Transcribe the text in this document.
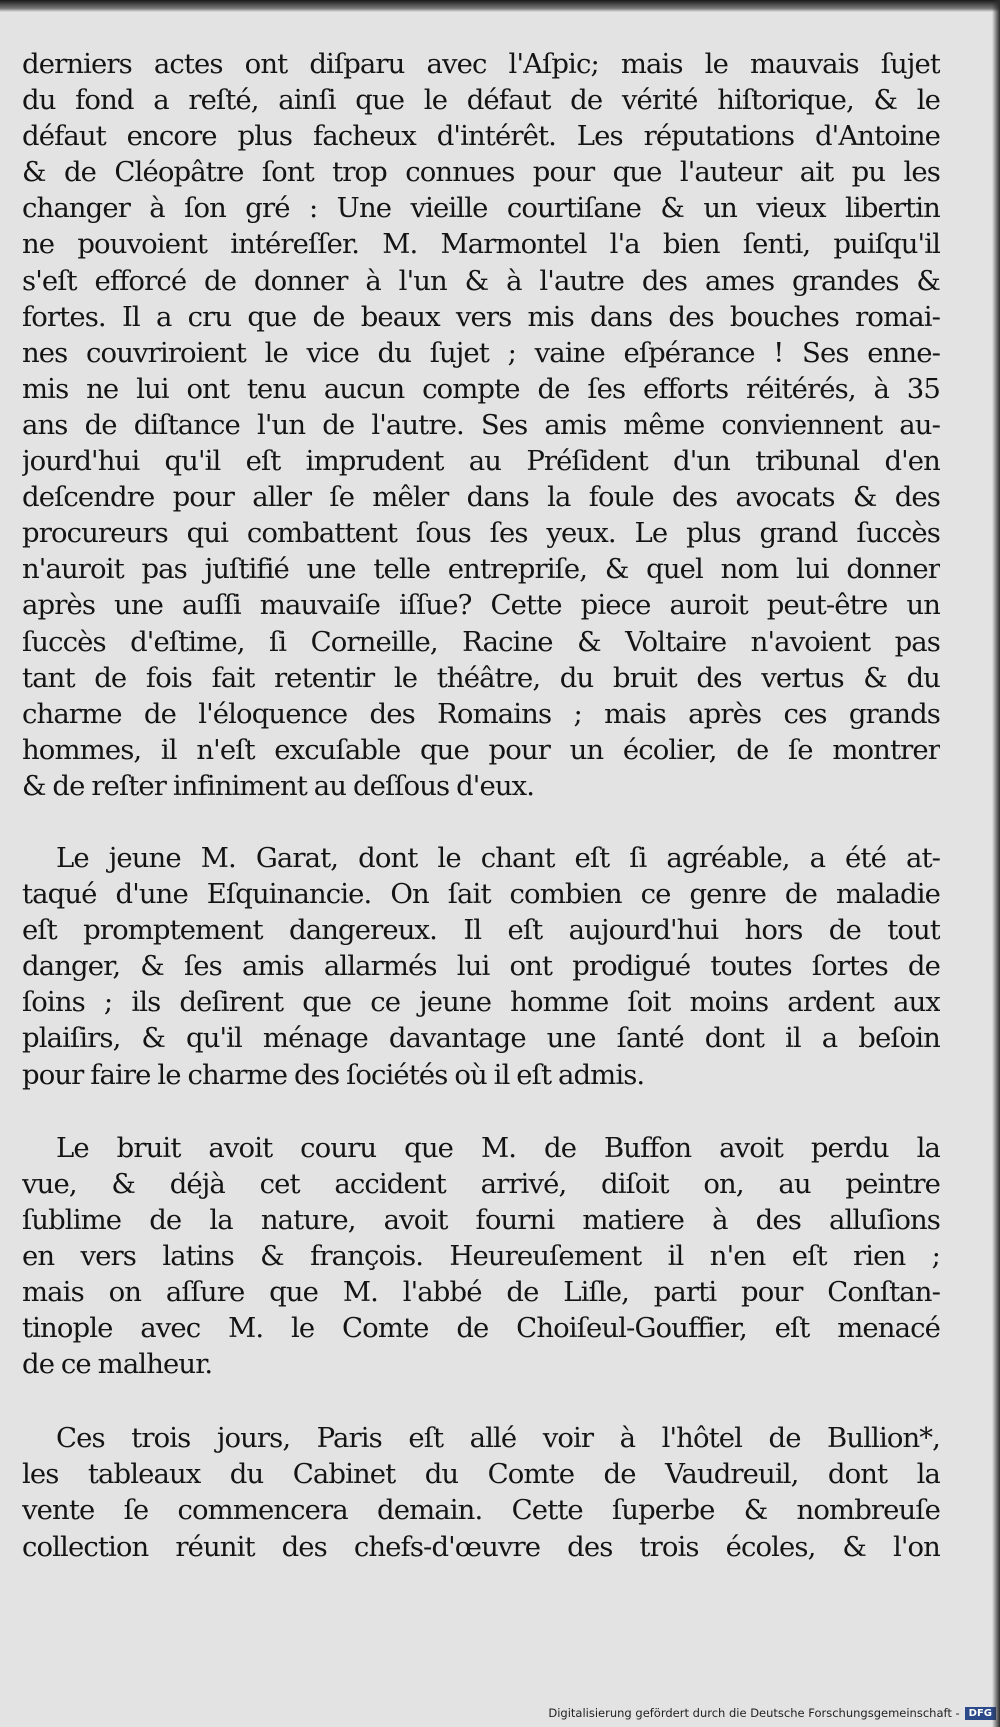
derniers actes ont diſparu avec l'Aſpic; mais le mauvais ſujet
du fond a reſté, ainſi que le défaut de vérité hiſtorique, & le
défaut encore plus facheux d'intérêt. Les réputations d'Antoine
& de Cléopâtre ſont trop connues pour que l'auteur ait pu les
changer à ſon gré : Une vieille courtiſane & un vieux libertin
ne pouvoient intéreſſer. M. Marmontel l'a bien ſenti, puiſqu'il
s'eſt efforcé de donner à l'un & à l'autre des ames grandes &
fortes. Il a cru que de beaux vers mis dans des bouches romai-
nes couvriroient le vice du ſujet ; vaine eſpérance ! Ses enne-
mis ne lui ont tenu aucun compte de ſes efforts réitérés, à 35
ans de diſtance l'un de l'autre. Ses amis même conviennent au-
jourd'hui qu'il eſt imprudent au Préſident d'un tribunal d'en
deſcendre pour aller ſe mêler dans la foule des avocats & des
procureurs qui combattent ſous ſes yeux. Le plus grand ſuccès
n'auroit pas juſtifié une telle entrepriſe, & quel nom lui donner
après une auſſi mauvaiſe iſſue? Cette piece auroit peut-être un
ſuccès d'eſtime, ſi Corneille, Racine & Voltaire n'avoient pas
tant de fois fait retentir le théâtre, du bruit des vertus & du
charme de l'éloquence des Romains ; mais après ces grands
hommes, il n'eſt excuſable que pour un écolier, de ſe montrer
& de reſter infiniment au deſſous d'eux.
Le jeune M. Garat, dont le chant eſt ſi agréable, a été at-
taqué d'une Eſquinancie. On ſait combien ce genre de maladie
eſt promptement dangereux. Il eſt aujourd'hui hors de tout
danger, & ſes amis allarmés lui ont prodigué toutes ſortes de
ſoins ; ils deſirent que ce jeune homme ſoit moins ardent aux
plaiſirs, & qu'il ménage davantage une ſanté dont il a beſoin
pour faire le charme des ſociétés où il eſt admis.
Le bruit avoit couru que M. de Buffon avoit perdu la
vue, & déjà cet accident arrivé, diſoit on, au peintre
ſublime de la nature, avoit fourni matiere à des alluſions
en vers latins & françois. Heureuſement il n'en eſt rien ;
mais on aſſure que M. l'abbé de Liſle, parti pour Conſtan-
tinople avec M. le Comte de Choiſeul-Gouffier, eſt menacé
de ce malheur.
Ces trois jours, Paris eſt allé voir à l'hôtel de Bullion*,
les tableaux du Cabinet du Comte de Vaudreuil, dont la
vente ſe commencera demain. Cette ſuperbe & nombreuſe
collection réunit des chefs-d'œuvre des trois écoles, & l'on
Digitalisierung gefördert durch die Deutsche Forschungsgemeinschaft - DFG
